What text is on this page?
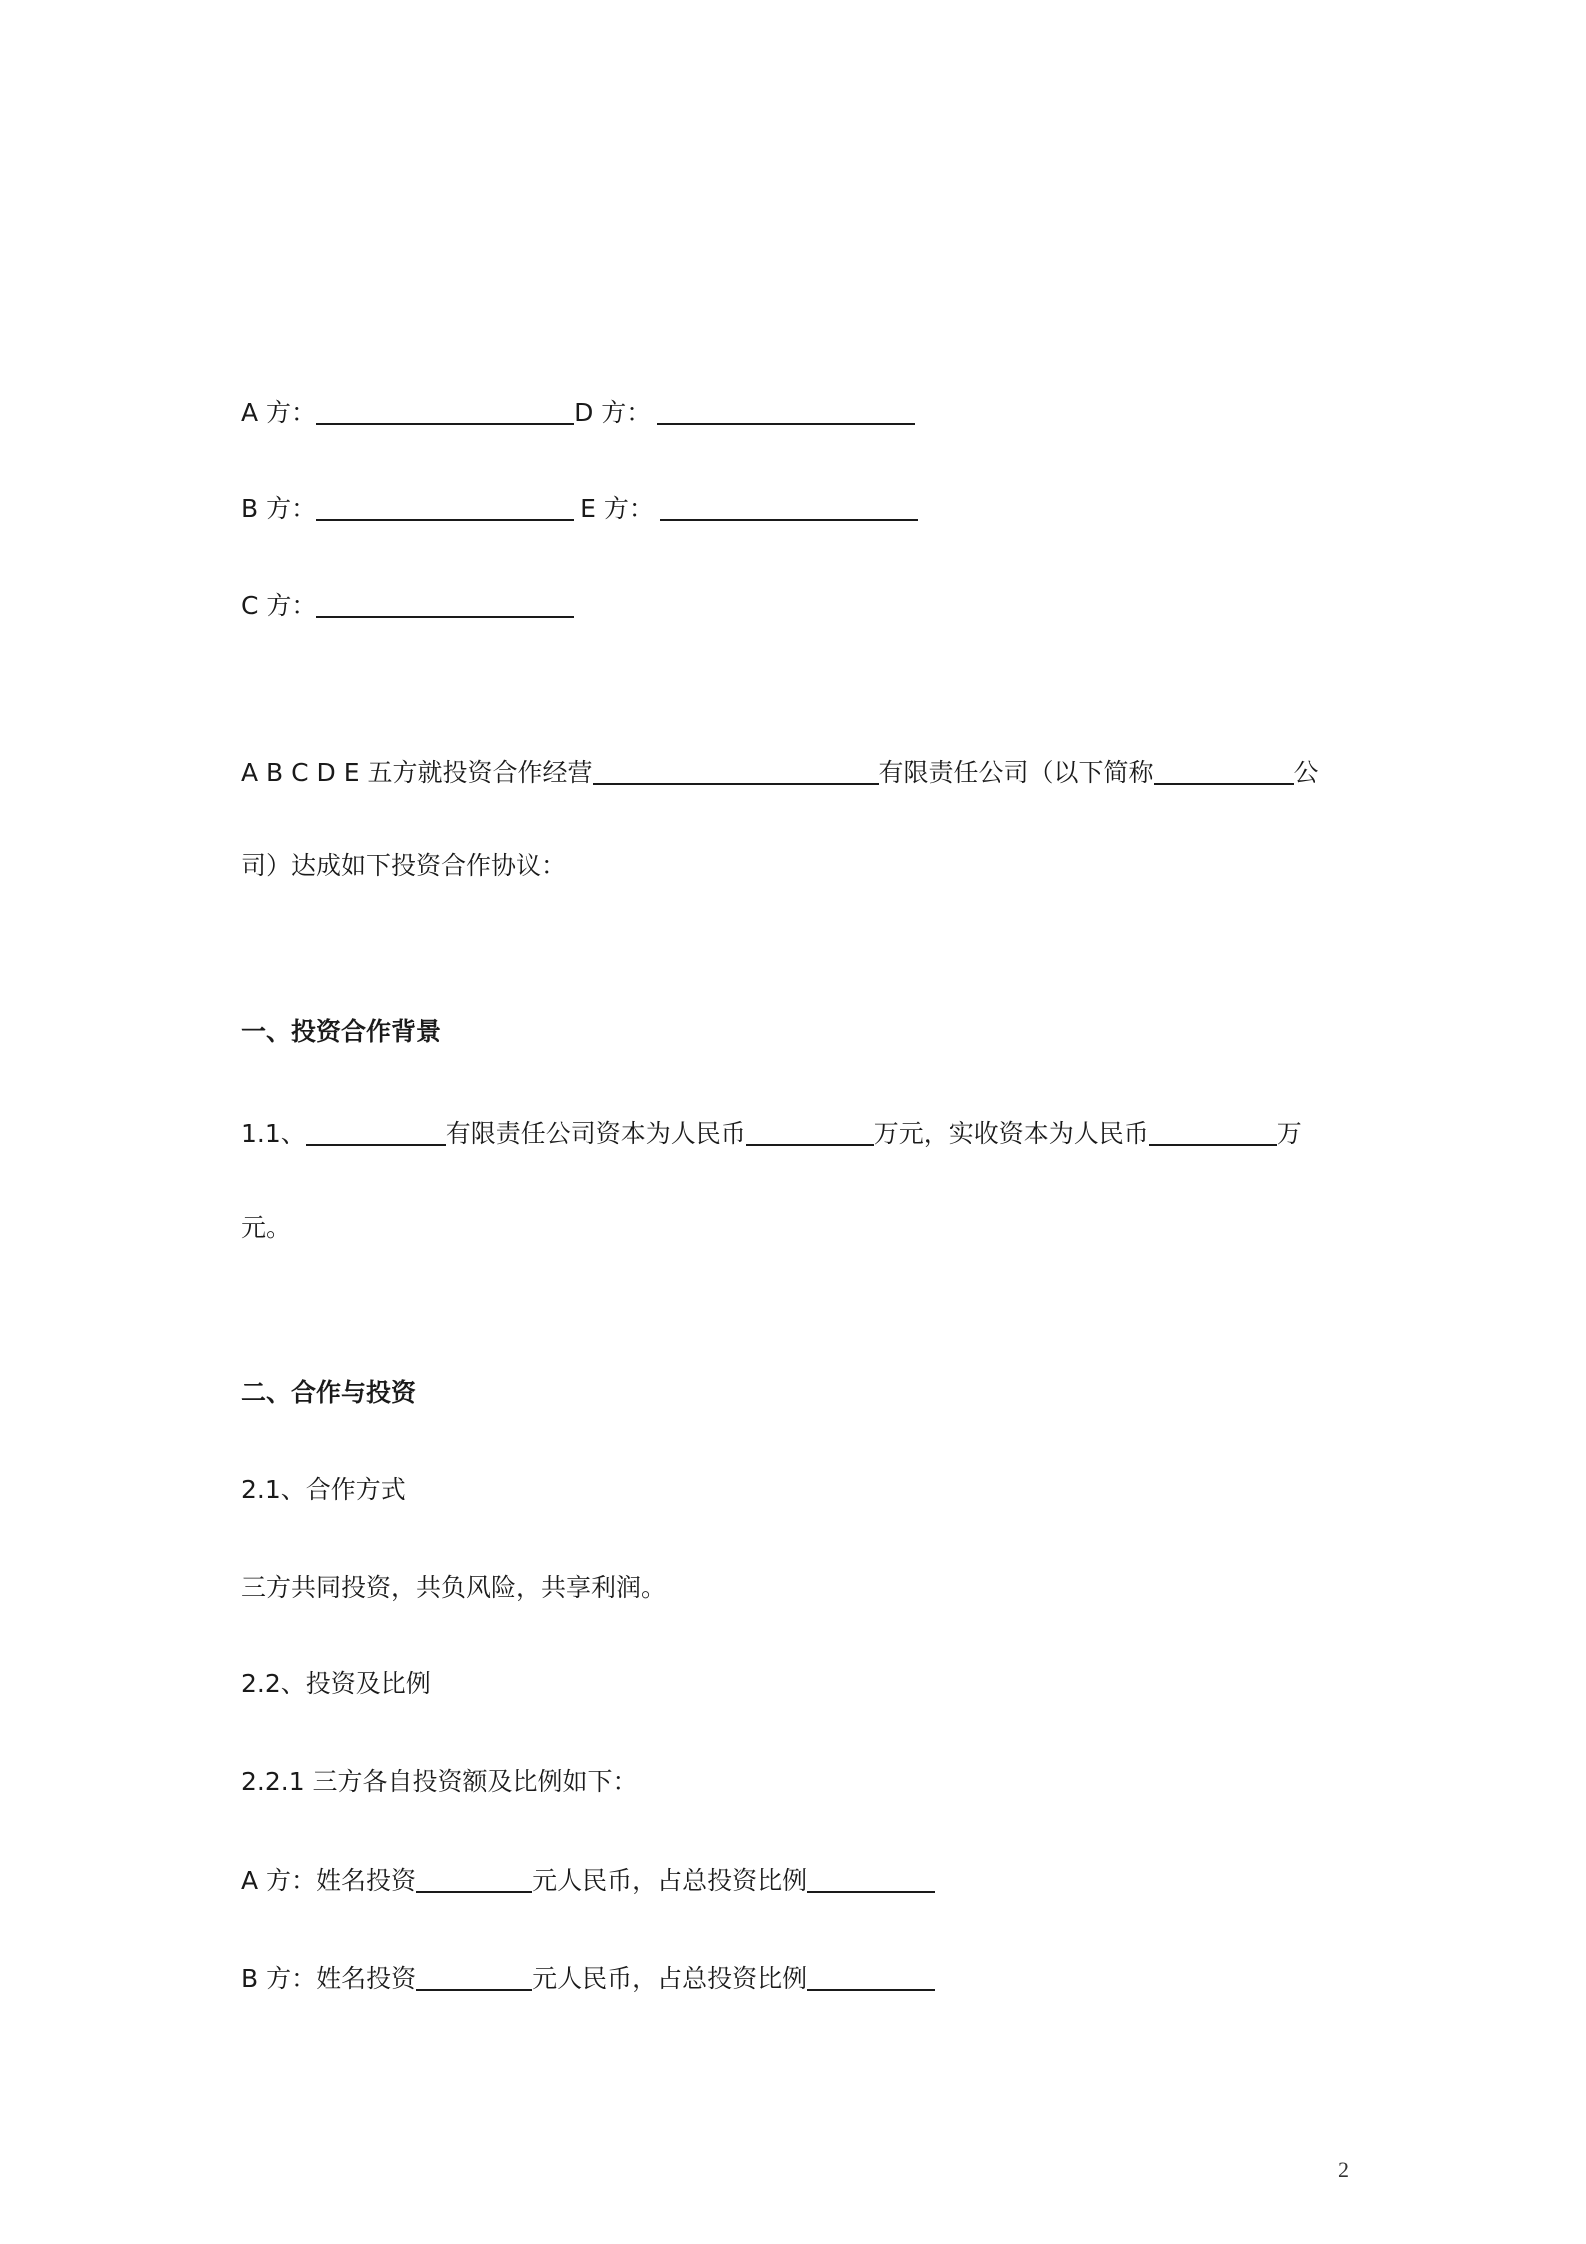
A 方：	D 方：
B 方：	E 方：
C 方：
A B C D E 五方就投资合作经营	有限责任公司（以下简称	公
司）达成如下投资合作协议：
一、投资合作背景
1.1、	有限责任公司资本为人民币	万元，实收资本为人民币	万
元。
二、合作与投资
2.1、合作方式
三方共同投资，共负风险，共享利润。
2.2、投资及比例
2.2.1 三方各自投资额及比例如下：
A 方：姓名投资	元人民币，占总投资比例
B 方：姓名投资	元人民币，占总投资比例
2
